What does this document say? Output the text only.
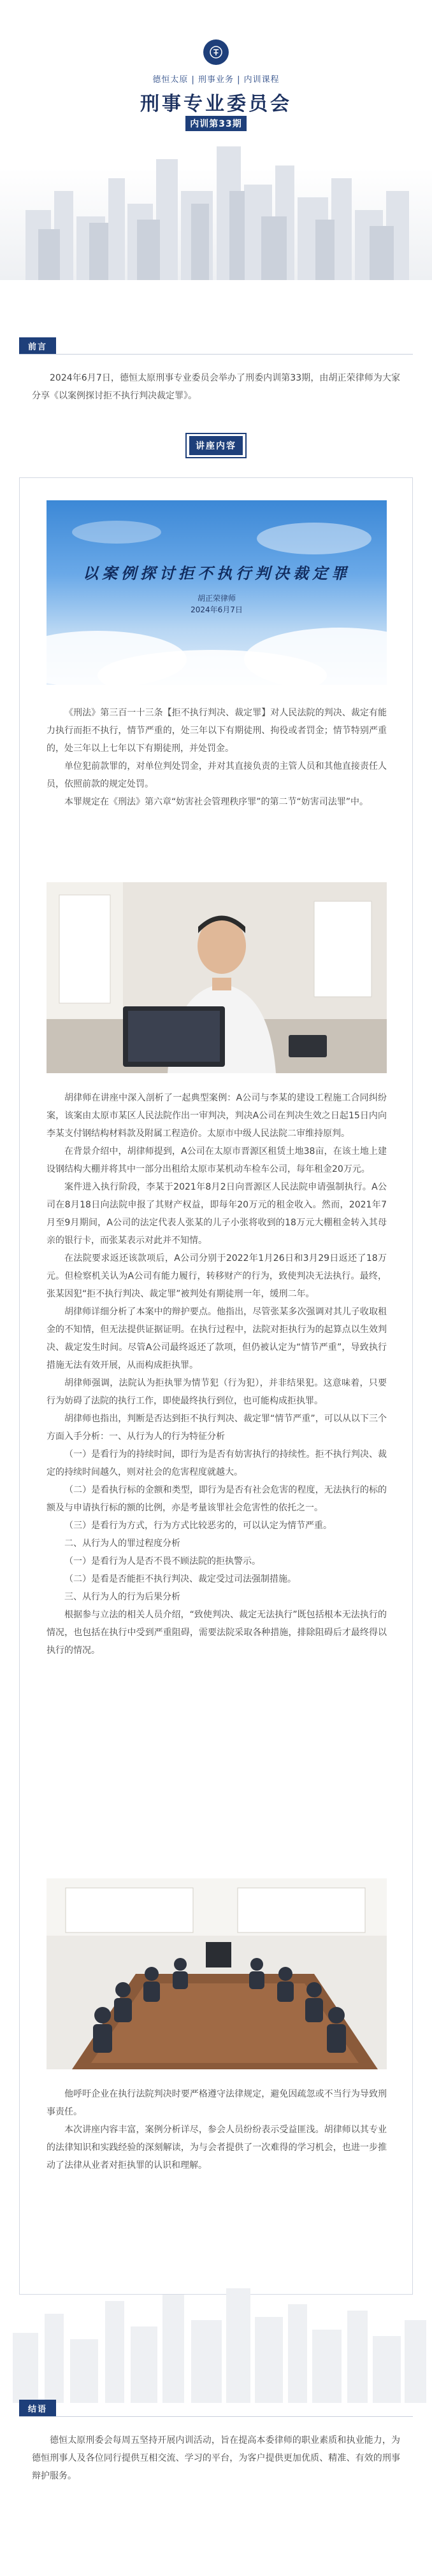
德恒太原 | 刑事业务 | 内训课程
刑事专业委员会
内训第33期
前言

2024年6月7日，德恒太原刑事专业委员会举办了刑委内训第33期，由胡正荣律师为大家分享《以案例探讨拒不执行判决裁定罪》。

讲座内容
以案例探讨拒不执行判决裁定罪
胡正荣律师
2024年6月7日

《刑法》第三百一十三条【拒不执行判决、裁定罪】对人民法院的判决、裁定有能力执行而拒不执行，情节严重的，处三年以下有期徒刑、拘役或者罚金；情节特别严重的，处三年以上七年以下有期徒刑，并处罚金。

单位犯前款罪的，对单位判处罚金，并对其直接负责的主管人员和其他直接责任人员，依照前款的规定处罚。

本罪规定在《刑法》第六章“妨害社会管理秩序罪”的第二节“妨害司法罪”中。

胡律师在讲座中深入剖析了一起典型案例：A公司与李某的建设工程施工合同纠纷案，该案由太原市某区人民法院作出一审判决，判决A公司在判决生效之日起15日内向李某支付钢结构材料款及附属工程造价。太原市中级人民法院二审维持原判。

在背景介绍中，胡律师提到，A公司在太原市晋源区租赁土地38亩，在该土地上建设钢结构大棚并将其中一部分出租给太原市某机动车检车公司，每年租金20万元。

案件进入执行阶段，李某于2021年8月2日向晋源区人民法院申请强制执行。A公司在8月18日向法院申报了其财产权益，即每年20万元的租金收入。然而，2021年7月至9月期间，A公司的法定代表人张某的儿子小张将收到的18万元大棚租金转入其母亲的银行卡，而张某表示对此并不知情。

在法院要求返还该款项后，A公司分别于2022年1月26日和3月29日返还了18万元。但检察机关认为A公司有能力履行，转移财产的行为，致使判决无法执行。最终，张某因犯“拒不执行判决、裁定罪”被判处有期徒刑一年，缓刑二年。

胡律师详细分析了本案中的辩护要点。他指出，尽管张某多次强调对其儿子收取租金的不知情，但无法提供证据证明。在执行过程中，法院对拒执行为的起算点以生效判决、裁定发生时间。尽管A公司最终返还了款项，但仍被认定为“情节严重”，导致执行措施无法有效开展，从而构成拒执罪。

胡律师强调，法院认为拒执罪为情节犯（行为犯），并非结果犯。这意味着，只要行为妨碍了法院的执行工作，即使最终执行到位，也可能构成拒执罪。

胡律师也指出，判断是否达到拒不执行判决、裁定罪“情节严重”，可以从以下三个方面入手分析：一、从行为人的行为特征分析

（一）是看行为的持续时间，即行为是否有妨害执行的持续性。拒不执行判决、裁定的持续时间越久，则对社会的危害程度就越大。

（二）是看执行标的金额和类型，即行为是否有社会危害的程度，无法执行的标的额及与申请执行标的额的比例，亦是考量该罪社会危害性的依托之一。

（三）是看行为方式，行为方式比较恶劣的，可以认定为情节严重。

二、从行为人的罪过程度分析

（一）是看行为人是否不畏不顾法院的拒执警示。

（二）是看是否能拒不执行判决、裁定受过司法强制措施。

三、从行为人的行为后果分析

根据参与立法的相关人员介绍，“致使判决、裁定无法执行”既包括根本无法执行的情况，也包括在执行中受到严重阻碍，需要法院采取各种措施，排除阻碍后才最终得以执行的情况。

他呼吁企业在执行法院判决时要严格遵守法律规定，避免因疏忽或不当行为导致刑事责任。

本次讲座内容丰富，案例分析详尽，参会人员纷纷表示受益匪浅。胡律师以其专业的法律知识和实践经验的深刻解读，为与会者提供了一次难得的学习机会，也进一步推动了法律从业者对拒执罪的认识和理解。

结语

德恒太原刑委会每周五坚持开展内训活动，旨在提高本委律师的职业素质和执业能力，为德恒刑事人及各位同行提供互相交流、学习的平台，为客户提供更加优质、精准、有效的刑事辩护服务。
